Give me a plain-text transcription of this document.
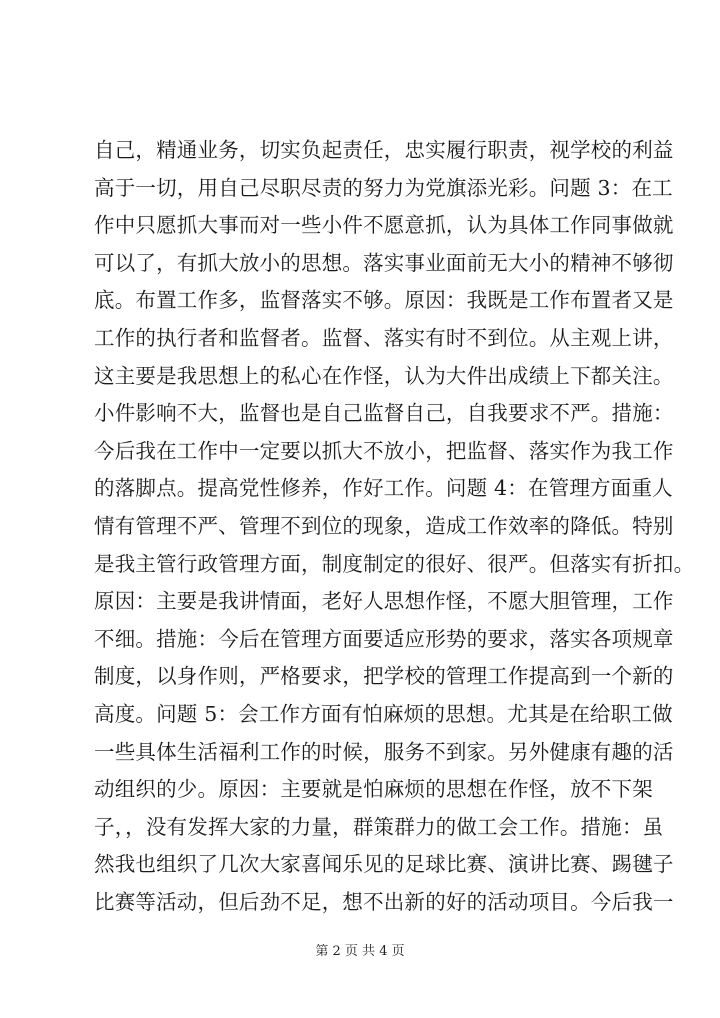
自己，精通业务，切实负起责任，忠实履行职责，视学校的利益
高于一切，用自己尽职尽责的努力为党旗添光彩。问题 3：在工
作中只愿抓大事而对一些小件不愿意抓，认为具体工作同事做就
可以了，有抓大放小的思想。落实事业面前无大小的精神不够彻
底。布置工作多，监督落实不够。原因：我既是工作布置者又是
工作的执行者和监督者。监督、落实有时不到位。从主观上讲，
这主要是我思想上的私心在作怪，认为大件出成绩上下都关注。
小件影响不大，监督也是自己监督自己，自我要求不严。措施：
今后我在工作中一定要以抓大不放小，把监督、落实作为我工作
的落脚点。提高党性修养，作好工作。问题 4：在管理方面重人
情有管理不严、管理不到位的现象，造成工作效率的降低。特别
是我主管行政管理方面，制度制定的很好、很严。但落实有折扣。
原因：主要是我讲情面，老好人思想作怪，不愿大胆管理，工作
不细。措施：今后在管理方面要适应形势的要求，落实各项规章
制度，以身作则，严格要求，把学校的管理工作提高到一个新的
高度。问题 5：会工作方面有怕麻烦的思想。尤其是在给职工做
一些具体生活福利工作的时候，服务不到家。另外健康有趣的活
动组织的少。原因：主要就是怕麻烦的思想在作怪，放不下架
子，，没有发挥大家的力量，群策群力的做工会工作。措施：虽
然我也组织了几次大家喜闻乐见的足球比赛、演讲比赛、踢毽子
比赛等活动，但后劲不足，想不出新的好的活动项目。今后我一
第 2 页 共 4 页
